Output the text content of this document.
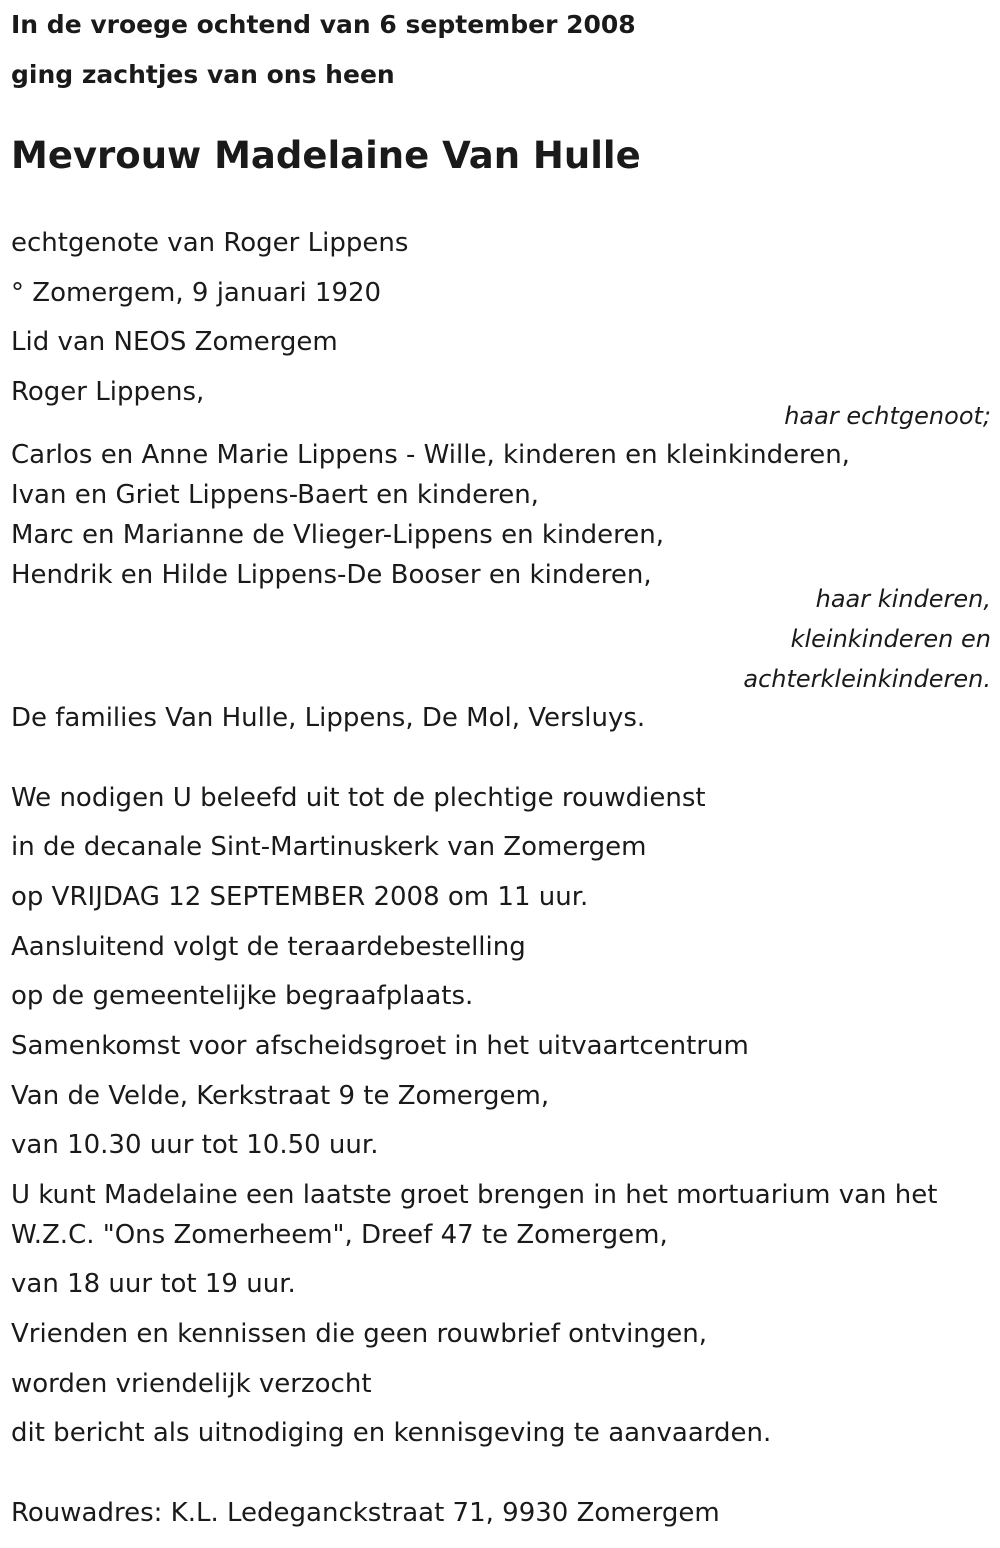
In de vroege ochtend van 6 september 2008
ging zachtjes van ons heen
Mevrouw Madelaine Van Hulle
echtgenote van Roger Lippens
° Zomergem, 9 januari 1920
Lid van NEOS Zomergem
Roger Lippens,
haar echtgenoot;
Carlos en Anne Marie Lippens - Wille, kinderen en kleinkinderen,
Ivan en Griet Lippens-Baert en kinderen,
Marc en Marianne de Vlieger-Lippens en kinderen,
Hendrik en Hilde Lippens-De Booser en kinderen,
haar kinderen,
kleinkinderen en
achterkleinkinderen.
De families Van Hulle, Lippens, De Mol, Versluys.
We nodigen U beleefd uit tot de plechtige rouwdienst
in de decanale Sint-Martinuskerk van Zomergem
op VRIJDAG 12 SEPTEMBER 2008 om 11 uur.
Aansluitend volgt de teraardebestelling
op de gemeentelijke begraafplaats.
Samenkomst voor afscheidsgroet in het uitvaartcentrum
Van de Velde, Kerkstraat 9 te Zomergem,
van 10.30 uur tot 10.50 uur.
U kunt Madelaine een laatste groet brengen in het mortuarium van het
W.Z.C. "Ons Zomerheem", Dreef 47 te Zomergem,
van 18 uur tot 19 uur.
Vrienden en kennissen die geen rouwbrief ontvingen,
worden vriendelijk verzocht
dit bericht als uitnodiging en kennisgeving te aanvaarden.
Rouwadres: K.L. Ledeganckstraat 71, 9930 Zomergem
